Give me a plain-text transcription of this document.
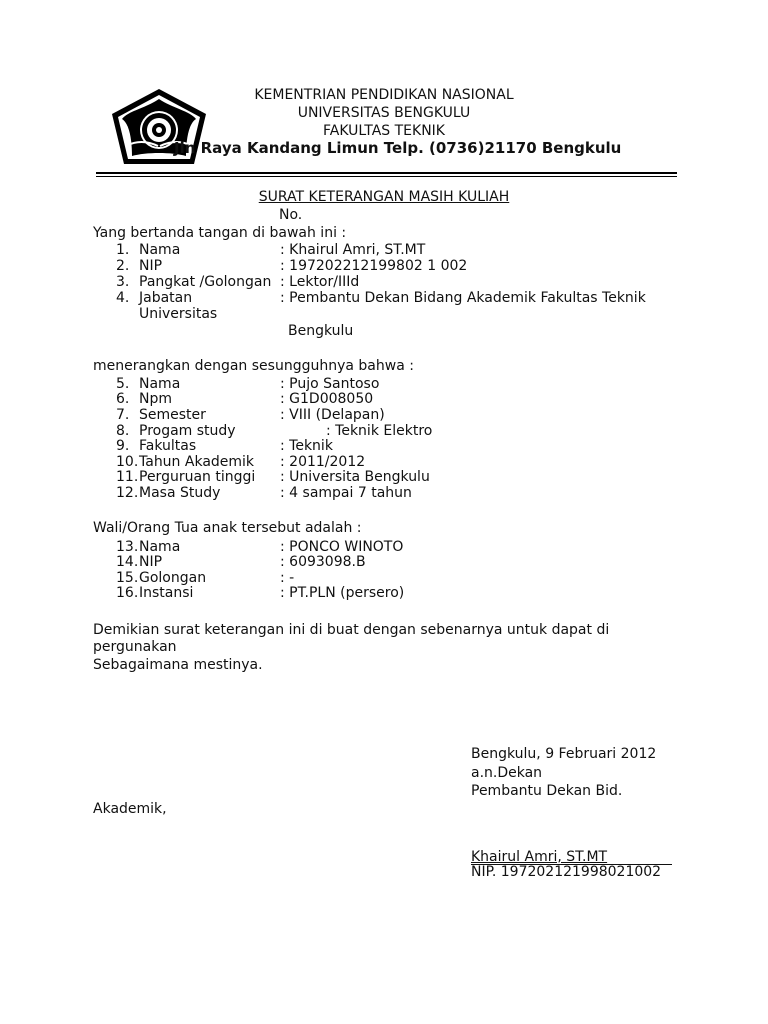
KEMENTRIAN PENDIDIKAN NASIONAL
UNIVERSITAS BENGKULU
FAKULTAS TEKNIK
Jln Raya Kandang Limun Telp. (0736)21170 Bengkulu
SURAT KETERANGAN MASIH KULIAH
No.
Yang bertanda tangan di bawah ini :
1. Nama	: Khairul Amri, ST.MT
2. NIP	: 197202212199802 1 002
3. Pangkat /Golongan : Lektor/IIId
4. Jabatan	: Pembantu Dekan Bidang Akademik Fakultas Teknik
Universitas
Bengkulu
menerangkan dengan sesungguhnya bahwa :
5. Nama	: Pujo Santoso
6. Npm	: G1D008050
7. Semester	: VIII (Delapan)
8. Progam study	: Teknik Elektro
9. Fakultas	: Teknik
10. Tahun Akademik : 2011/2012
11. Perguruan tinggi : Universita Bengkulu
12. Masa Study	: 4 sampai 7 tahun
Wali/Orang Tua anak tersebut adalah :
13. Nama	: PONCO WINOTO
14. NIP	: 6093098.B
15. Golongan	: -
16. Instansi	: PT.PLN (persero)
Demikian surat keterangan ini di buat dengan sebenarnya untuk dapat di
pergunakan
Sebagaimana mestinya.
Bengkulu, 9 Februari 2012
a.n.Dekan
Pembantu Dekan Bid.
Akademik,
Khairul Amri, ST.MT
NIP. 197202121998021002
